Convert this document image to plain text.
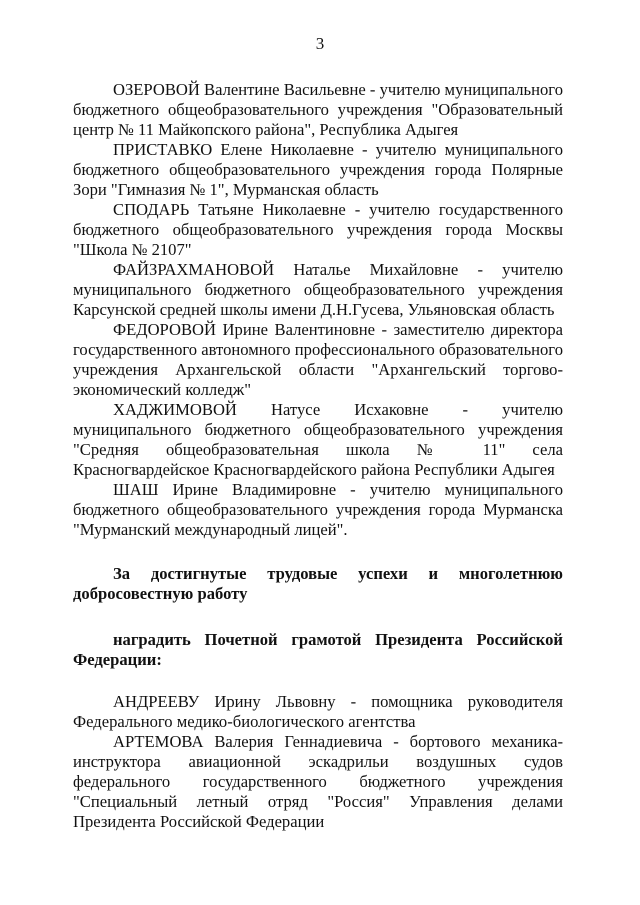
3

ОЗЕРОВОЙ Валентине Васильевне - учителю муниципального бюджетного общеобразовательного учреждения "Образовательный центр № 11 Майкопского района", Республика Адыгея

ПРИСТАВКО Елене Николаевне - учителю муниципального бюджетного общеобразовательного учреждения города Полярные Зори "Гимназия № 1", Мурманская область

СПОДАРЬ Татьяне Николаевне - учителю государственного бюджетного общеобразовательного учреждения города Москвы "Школа № 2107"

ФАЙЗРАХМАНОВОЙ Наталье Михайловне - учителю муниципального бюджетного общеобразовательного учреждения Карсунской средней школы имени Д.Н.Гусева, Ульяновская область

ФЕДОРОВОЙ Ирине Валентиновне - заместителю директора государственного автономного профессионального образовательного учреждения Архангельской области "Архангельский торгово-экономический колледж"

ХАДЖИМОВОЙ Натусе Исхаковне - учителю муниципального бюджетного общеобразовательного учреждения "Средняя общеобразовательная школа № 11" села Красногвардейское Красногвардейского района Республики Адыгея

ШАШ Ирине Владимировне - учителю муниципального бюджетного общеобразовательного учреждения города Мурманска "Мурманский международный лицей".

За достигнутые трудовые успехи и многолетнюю добросовестную работу

наградить Почетной грамотой Президента Российской Федерации:

АНДРЕЕВУ Ирину Львовну - помощника руководителя Федерального медико-биологического агентства

АРТЕМОВА Валерия Геннадиевича - бортового механика-инструктора авиационной эскадрильи воздушных судов федерального государственного бюджетного учреждения "Специальный летный отряд "Россия" Управления делами Президента Российской Федерации
